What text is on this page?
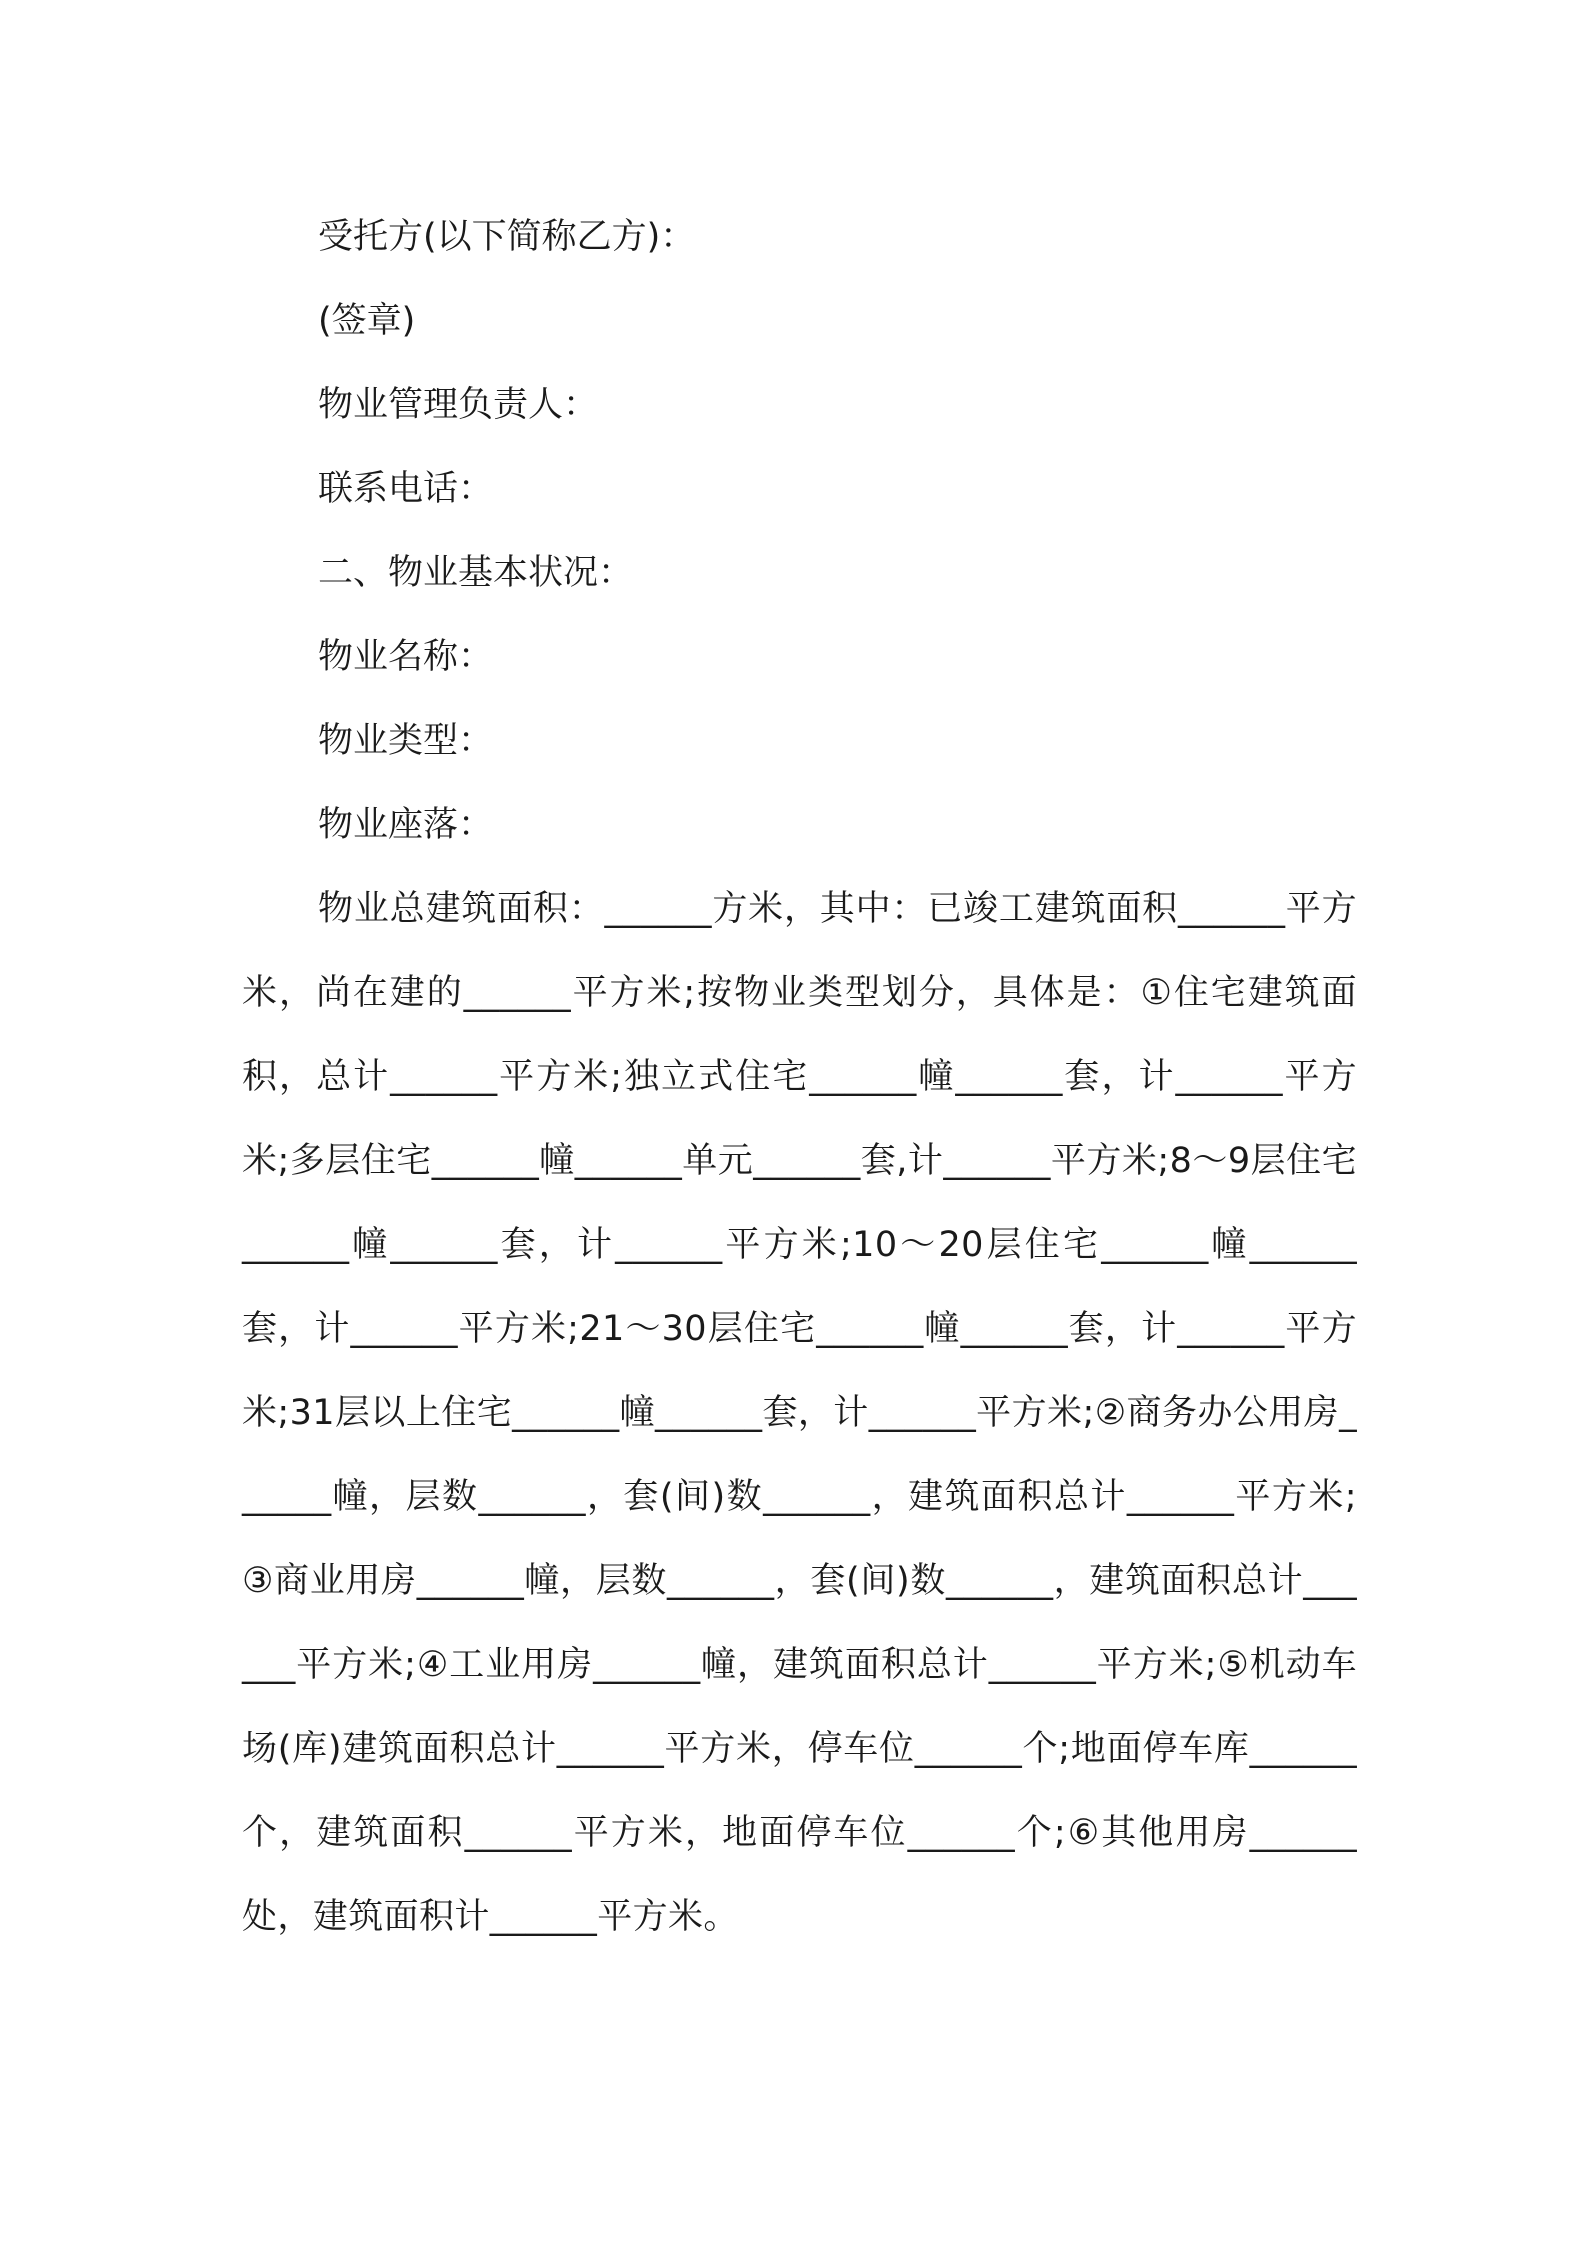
受托方(以下简称乙方)：
(签章)
物业管理负责人：
联系电话：
二、物业基本状况：
物业名称：
物业类型：
物业座落：

物业总建筑面积：______方米，其中：已竣工建筑面积______平方米，尚在建的______平方米;按物业类型划分，具体是：①住宅建筑面积，总计______平方米;独立式住宅______幢______套，计______平方米;多层住宅______幢______单元______套,计______平方米;8～9层住宅______幢______套，计______平方米;10～20层住宅______幢______套，计______平方米;21～30层住宅______幢______套，计______平方米;31层以上住宅______幢______套，计______平方米;②商务办公用房______幢，层数______，套(间)数______，建筑面积总计______平方米;③商业用房______幢，层数______，套(间)数______，建筑面积总计______平方米;④工业用房______幢，建筑面积总计______平方米;⑤机动车场(库)建筑面积总计______平方米，停车位______个;地面停车库______个，建筑面积______平方米，地面停车位______个;⑥其他用房______处，建筑面积计______平方米。
